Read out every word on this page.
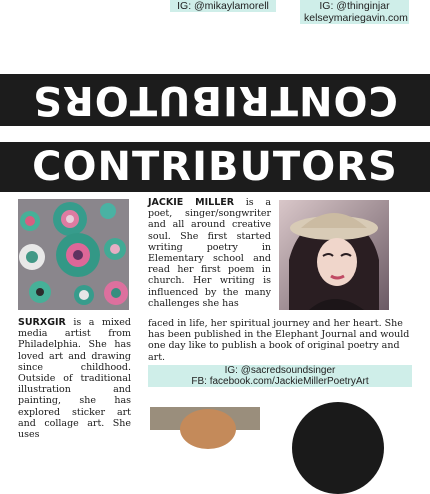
IG: @mikaylamorell	IG: @thinginjar
kelseymariegavin.com
CONTRIBUTORS
CONTRIBUTORS
JACKIE MILLER is a poet, singer/songwriter and all around creative soul. She first started writing poetry in Elementary school and read her first poem in church. Her writing is influenced by the many challenges she has
faced in life, her spiritual journey and her heart. She has been published in the Elephant Journal and would one day like to publish a book of original poetry and art.
IG: @sacredsoundsinger
FB: facebook.com/JackieMillerPoetryArt
SURXGIR is a mixed media artist from Philadelphia. She has loved art and drawing since childhood. Outside of traditional illustration and painting, she has explored sticker art and collage art. She uses
